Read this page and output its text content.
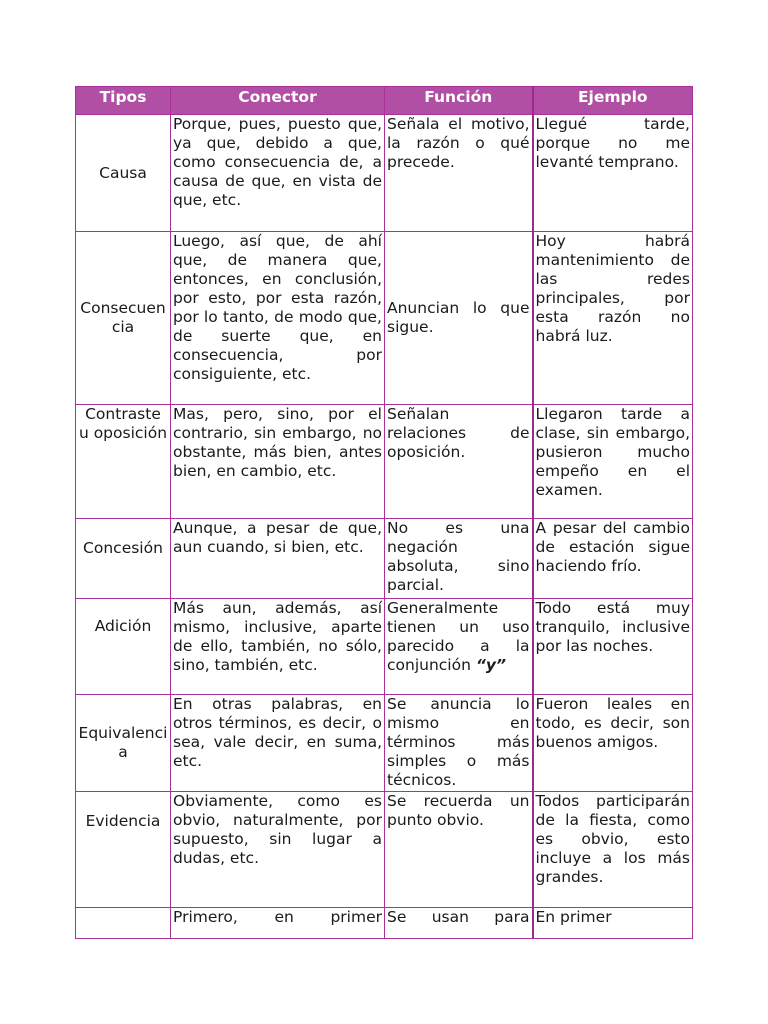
Tipos	Conector	Función	Ejemplo
Causa	Porque, pues, puesto que, ya que, debido a que, como consecuencia de, a causa de que, en vista de que, etc.	Señala el motivo, la razón o qué precede.	Llegué tarde, porque no me levanté temprano.
Consecuencia	Luego, así que, de ahí que, de manera que, entonces, en conclusión, por esto, por esta razón, por lo tanto, de modo que, de suerte que, en consecuencia, por consiguiente, etc.	Anuncian lo que sigue.	Hoy habrá mantenimiento de las redes principales, por esta razón no habrá luz.
Contraste u oposición	Mas, pero, sino, por el contrario, sin embargo, no obstante, más bien, antes bien, en cambio, etc.	Señalan relaciones de oposición.	Llegaron tarde a clase, sin embargo, pusieron mucho empeño en el examen.
Concesión	Aunque, a pesar de que, aun cuando, si bien, etc.	No es una negación absoluta, sino parcial.	A pesar del cambio de estación sigue haciendo frío.
Adición	Más aun, además, así mismo, inclusive, aparte de ello, también, no sólo, sino, también, etc.	Generalmente tienen un uso parecido a la conjunción “y”	Todo está muy tranquilo, inclusive por las noches.
Equivalencia	En otras palabras, en otros términos, es decir, o sea, vale decir, en suma, etc.	Se anuncia lo mismo en términos más simples o más técnicos.	Fueron leales en todo, es decir, son buenos amigos.
Evidencia	Obviamente, como es obvio, naturalmente, por supuesto, sin lugar a dudas, etc.	Se recuerda un punto obvio.	Todos participarán de la fiesta, como es obvio, esto incluye a los más grandes.
	Primero, en primer	Se usan para	En primer
